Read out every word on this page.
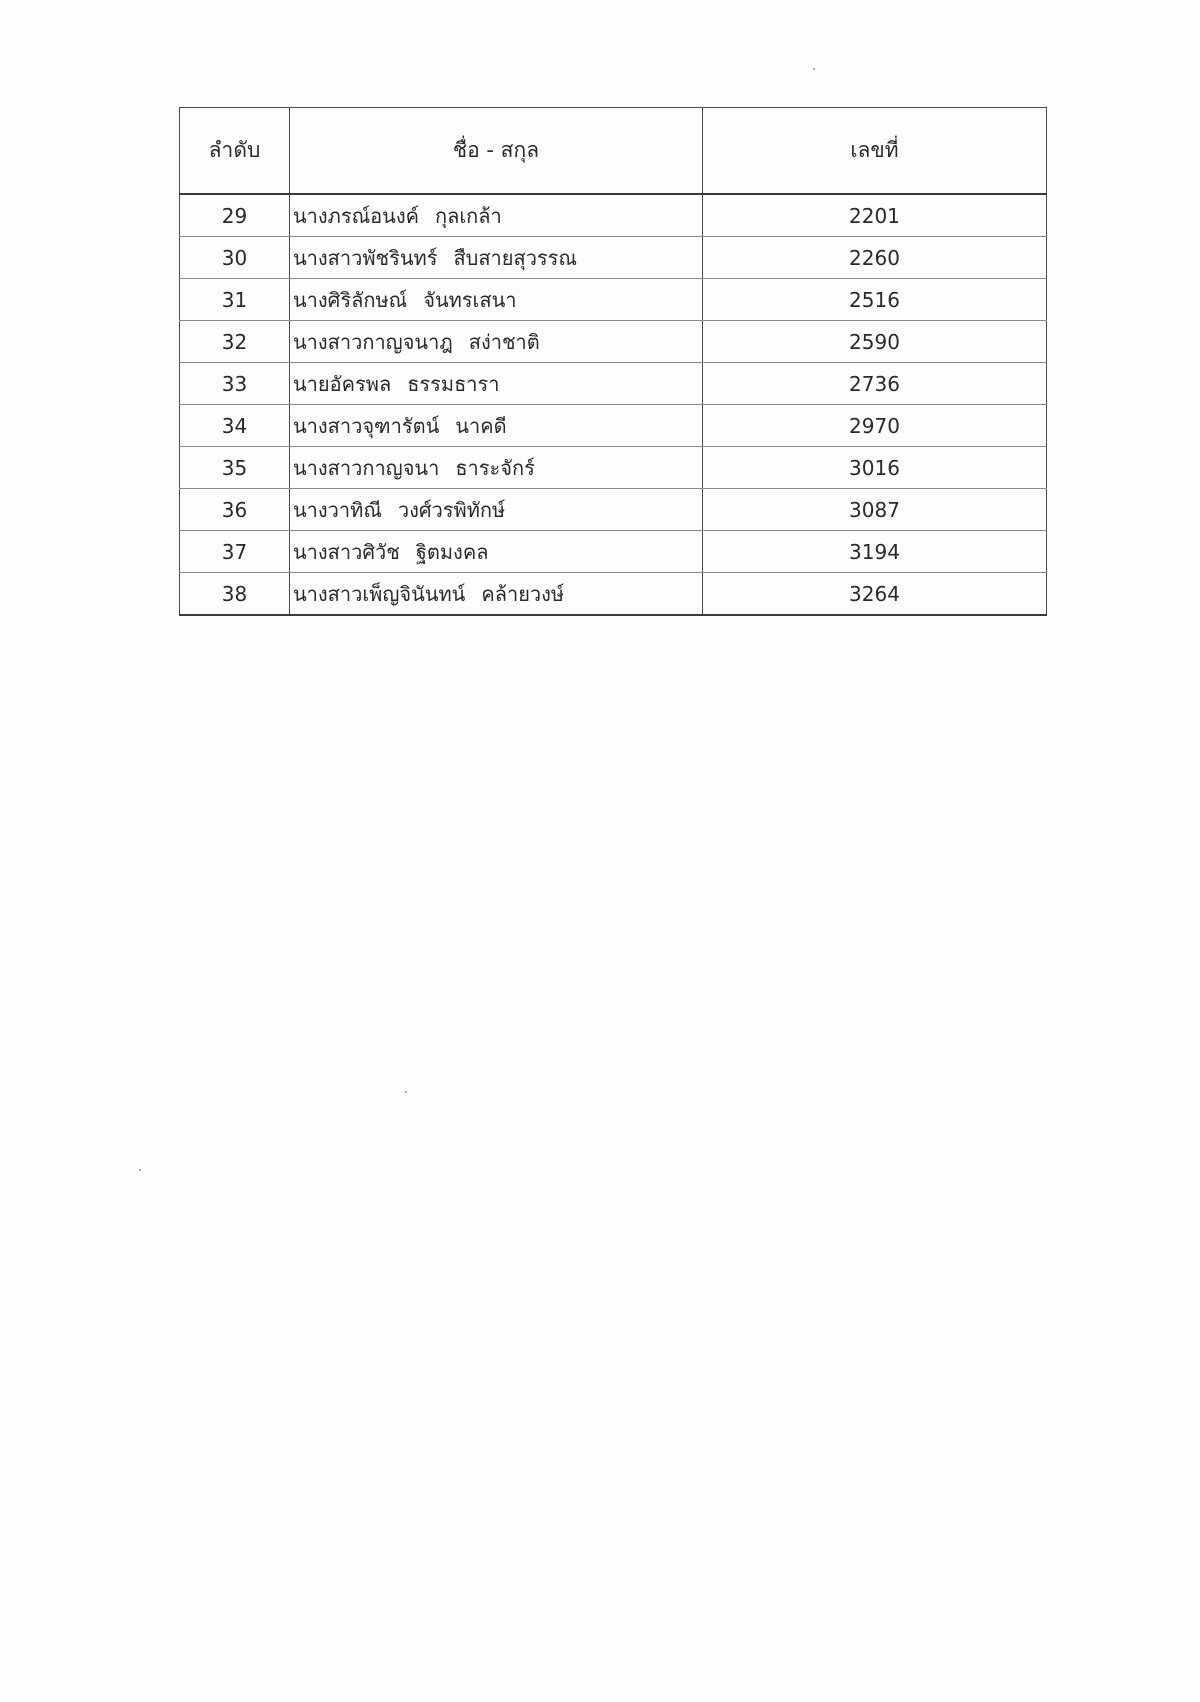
ลำดับ	ชื่อ - สกุล	เลขที่
29	นางภรณ์อนงค์ กุลเกล้า	2201
30	นางสาวพัชรินทร์ สืบสายสุวรรณ	2260
31	นางศิริลักษณ์ จันทรเสนา	2516
32	นางสาวกาญจนาฎ สง่าชาติ	2590
33	นายอัครพล ธรรมธารา	2736
34	นางสาวจุฑารัตน์ นาคดี	2970
35	นางสาวกาญจนา ธาระจักร์	3016
36	นางวาทิณี วงศ์วรพิทักษ์	3087
37	นางสาวศิวัช ฐิตมงคล	3194
38	นางสาวเพ็ญจินันทน์ คล้ายวงษ์	3264
